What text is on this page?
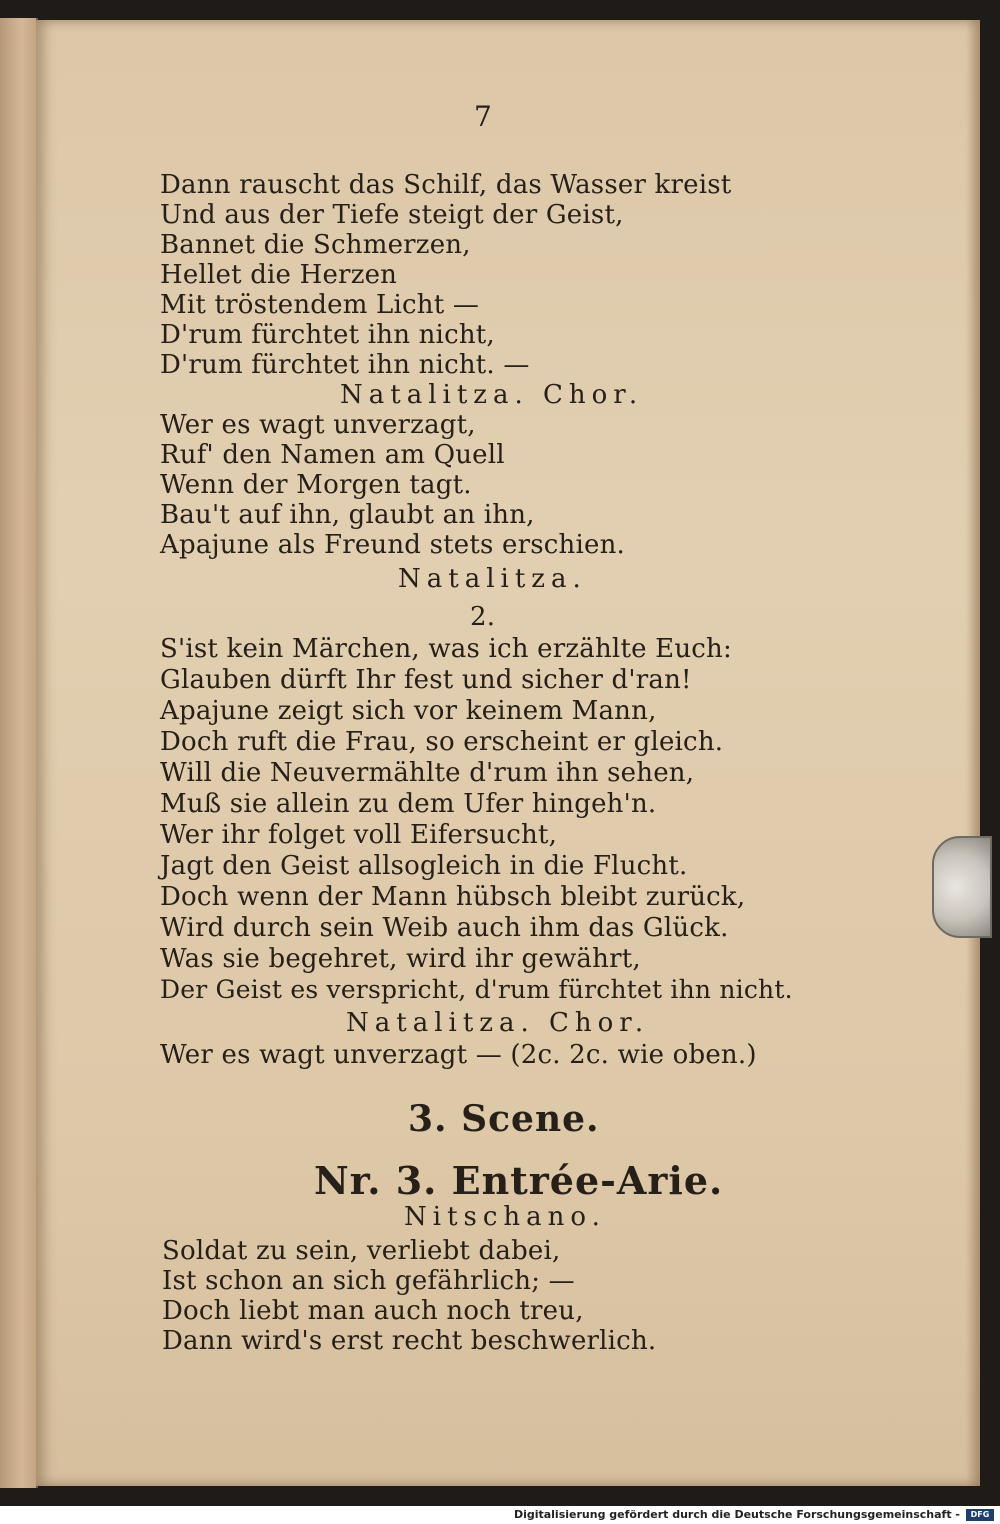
7
Dann rauscht das Schilf, das Wasser kreist
Und aus der Tiefe steigt der Geist,
Bannet die Schmerzen,
Hellet die Herzen
Mit tröstendem Licht —
D'rum fürchtet ihn nicht,
D'rum fürchtet ihn nicht. —
Natalitza. Chor.
Wer es wagt unverzagt,
Ruf' den Namen am Quell
Wenn der Morgen tagt.
Bau't auf ihn, glaubt an ihn,
Apajune als Freund stets erschien.
Natalitza.
2.
S'ist kein Märchen, was ich erzählte Euch:
Glauben dürft Ihr fest und sicher d'ran!
Apajune zeigt sich vor keinem Mann,
Doch ruft die Frau, so erscheint er gleich.
Will die Neuvermählte d'rum ihn sehen,
Muß sie allein zu dem Ufer hingeh'n.
Wer ihr folget voll Eifersucht,
Jagt den Geist allsogleich in die Flucht.
Doch wenn der Mann hübsch bleibt zurück,
Wird durch sein Weib auch ihm das Glück.
Was sie begehret, wird ihr gewährt,
Der Geist es verspricht, d'rum fürchtet ihn nicht.
Natalitza. Chor.
Wer es wagt unverzagt — (2c. 2c. wie oben.)
3. Scene.
Nr. 3. Entrée-Arie.
Nitschano.
Soldat zu sein, verliebt dabei,
Ist schon an sich gefährlich; —
Doch liebt man auch noch treu,
Dann wird's erst recht beschwerlich.
Digitalisierung gefördert durch die Deutsche Forschungsgemeinschaft -	DFG
